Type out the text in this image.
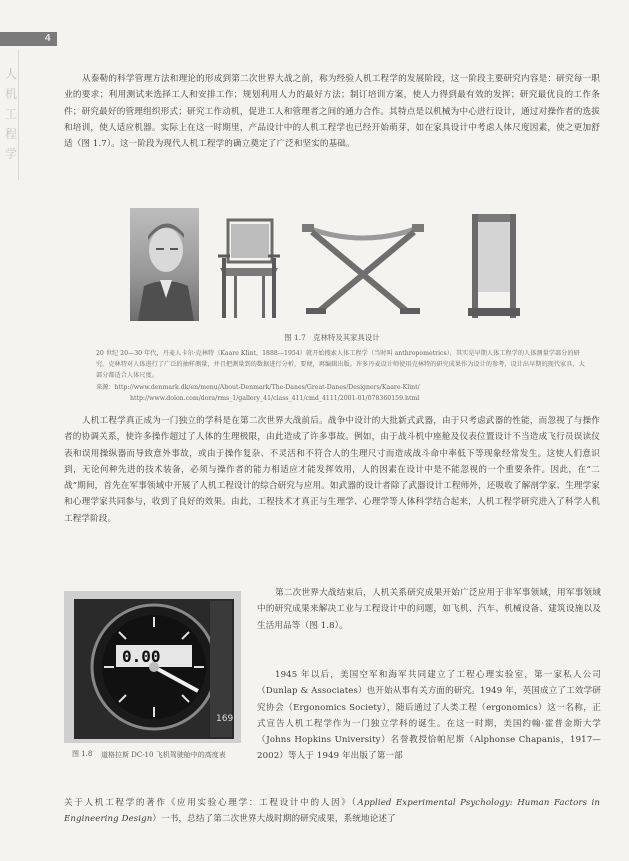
4
人机工程学

从泰勒的科学管理方法和理论的形成到第二次世界大战之前，称为经验人机工程学的发展阶段，这一阶段主要研究内容是：研究每一职业的要求；利用测试来选择工人和安排工作；规划利用人力的最好方法；制订培训方案，使人力得到最有效的发挥；研究最优良的工作条件；研究最好的管理组织形式；研究工作动机，促进工人和管理者之间的通力合作。其特点是以机械为中心进行设计，通过对操作者的选拔和培训，使人适应机器。实际上在这一时期里，产品设计中的人机工程学也已经开始萌芽，如在家具设计中考虑人体尺度因素，使之更加舒适（图 1.7）。这一阶段为现代人机工程学的确立奠定了广泛和坚实的基础。

图 1.7　克林特及其家具设计
20 世纪 20—30 年代，丹麦人卡尔·克林特（Kaare Klint，1888—1954）就开始搜索人体工程学（当时叫 anthropometrics），其实是早期人体工程学的人体测量学部分的研究。克林特对人体进行了广泛的抽样测量，并且把测量到的数据进行分析，要便，再编辑出版。许多丹麦设计师使用克林特的研究成果作为设计的参考，设计出早期的现代家具，大部分都适合人体尺度。
来源：http://www.denmark.dk/en/menu/About-Denmark/The-Danes/Great-Danes/Designers/Kaare-Klint/
http://www.dolon.com/dora/rms_1/gallery_41/class_411/cmd_4111/2001-01/078360159.html

人机工程学真正成为一门独立的学科是在第二次世界大战前后。战争中设计的大批新式武器，由于只考虑武器的性能，而忽视了与操作者的协调关系，使许多操作超过了人体的生理极限，由此造成了许多事故。例如，由于战斗机中座舱及仪表位置设计不当造成飞行员误读仪表和误用操纵器而导致意外事故，或由于操作复杂、不灵活和不符合人的生理尺寸而造成战斗命中率低下等现象经常发生。这使人们意识到，无论何种先进的技术装备，必须与操作者的能力相适应才能发挥效用，人的因素在设计中是不能忽视的一个重要条件。因此，在“二战”期间，首先在军事领域中开展了人机工程设计的综合研究与应用。如武器的设计者除了武器设计工程师外，还吸收了解剖学家、生理学家和心理学家共同参与，收到了良好的效果。由此，工程技术才真正与生理学、心理学等人体科学结合起来，人机工程学研究进入了科学人机工程学阶段。

169
0.00
图 1.8 道格拉斯 DC-10 飞机驾驶舱中的高度表

第二次世界大战结束后，人机关系研究成果开始广泛应用于非军事领域，用军事领域中的研究成果来解决工业与工程设计中的问题，如飞机、汽车、机械设备、建筑设施以及生活用品等（图 1.8）。

1945 年以后，美国空军和海军共同建立了工程心理实验室，第一家私人公司（Dunlap & Associates）也开始从事有关方面的研究。1949 年，英国成立了工效学研究协会（Ergonomics Society），随后通过了人类工程（ergonomics）这一名称，正式宣告人机工程学作为一门独立学科的诞生。在这一时期，美国约翰·霍普金斯大学（Johns Hopkins University）名誉教授恰帕尼斯（Alphonse Chapanis，1917—2002）等人于 1949 年出版了第一部

关于人机工程学的著作《应用实验心理学：工程设计中的人因》（Applied Experimental Psychology: Human Factors in Engineering Design）一书，总结了第二次世界大战时期的研究成果，系统地论述了
